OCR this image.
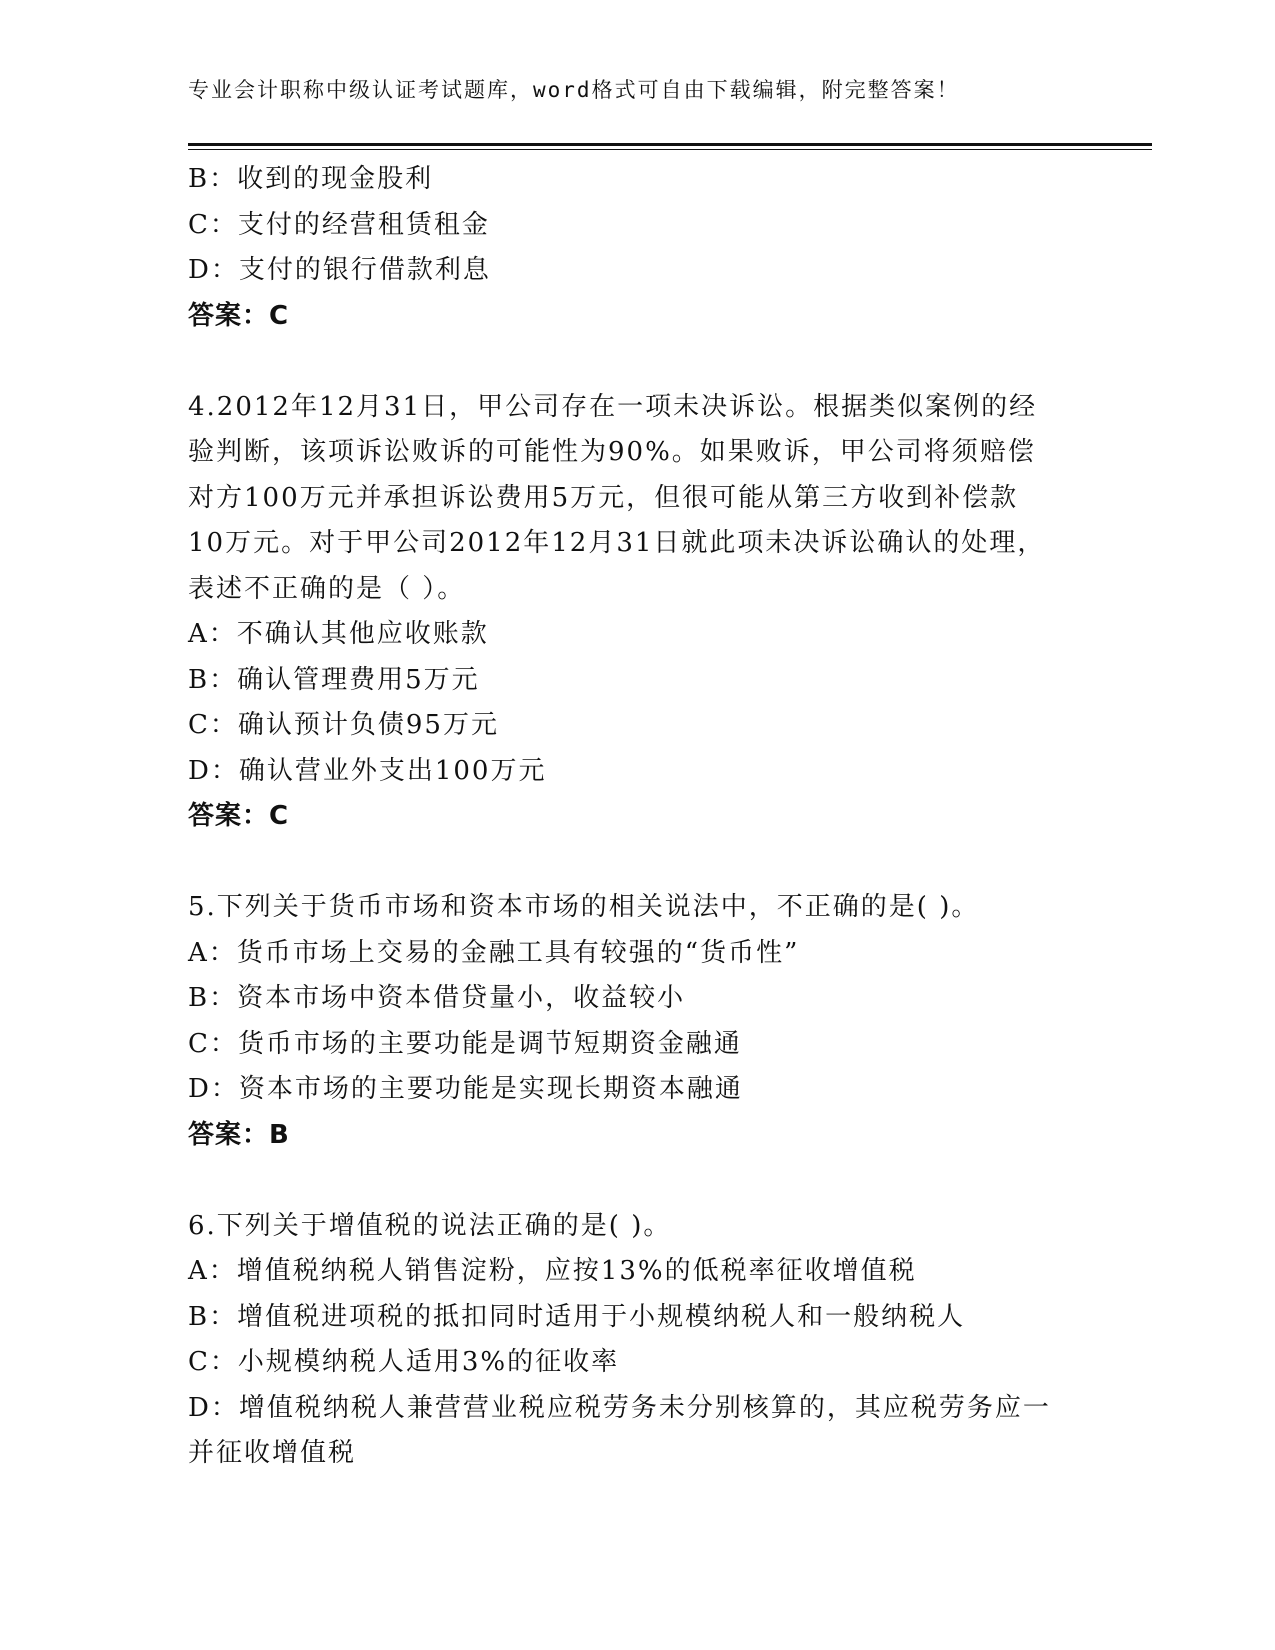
专业会计职称中级认证考试题库，word格式可自由下载编辑，附完整答案！
B：收到的现金股利
C：支付的经营租赁租金
D：支付的银行借款利息
答案：C
4.2012年12月31日，甲公司存在一项未决诉讼。根据类似案例的经
验判断，该项诉讼败诉的可能性为90%。如果败诉，甲公司将须赔偿
对方100万元并承担诉讼费用5万元，但很可能从第三方收到补偿款
10万元。对于甲公司2012年12月31日就此项未决诉讼确认的处理，
表述不正确的是（ ）。
A：不确认其他应收账款
B：确认管理费用5万元
C：确认预计负债95万元
D：确认营业外支出100万元
答案：C
5.下列关于货币市场和资本市场的相关说法中，不正确的是( )。
A：货币市场上交易的金融工具有较强的“货币性”
B：资本市场中资本借贷量小，收益较小
C：货币市场的主要功能是调节短期资金融通
D：资本市场的主要功能是实现长期资本融通
答案：B
6.下列关于增值税的说法正确的是( )。
A：增值税纳税人销售淀粉，应按13%的低税率征收增值税
B：增值税进项税的抵扣同时适用于小规模纳税人和一般纳税人
C：小规模纳税人适用3%的征收率
D：增值税纳税人兼营营业税应税劳务未分别核算的，其应税劳务应一
并征收增值税
